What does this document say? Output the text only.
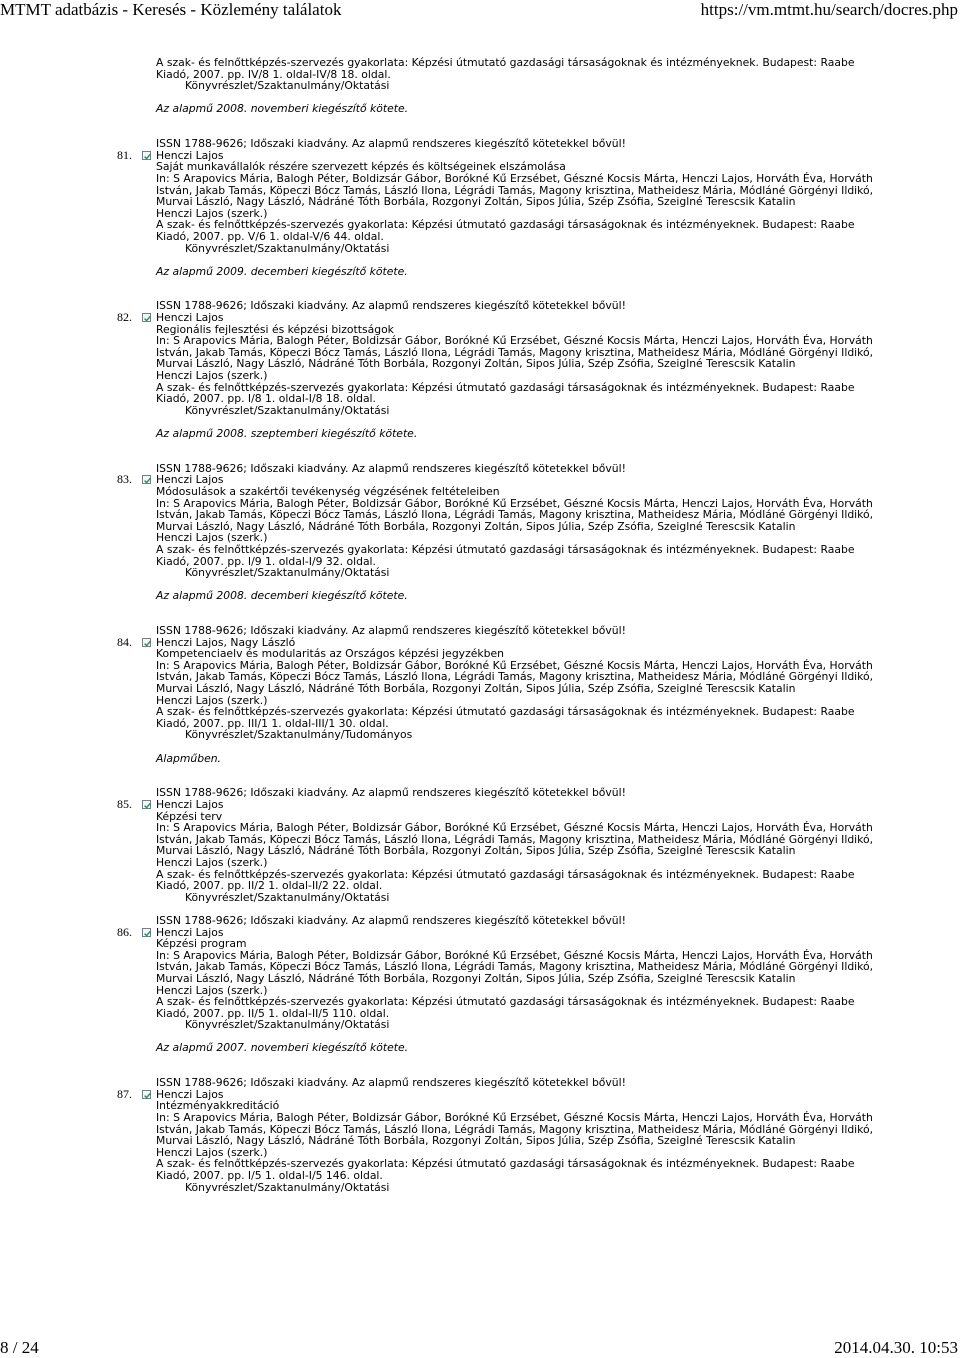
MTMT adatbázis - Keresés - Közlemény találatok	https://vm.mtmt.hu/search/docres.php
A szak- és felnőttképzés-szervezés gyakorlata: Képzési útmutató gazdasági társaságoknak és intézményeknek. Budapest: Raabe
Kiadó, 2007. pp. IV/8 1. oldal-IV/8 18. oldal.
Könyvrészlet/Szaktanulmány/Oktatási
Az alapmű 2008. novemberi kiegészítő kötete.
ISSN 1788-9626; Időszaki kiadvány. Az alapmű rendszeres kiegészítő kötetekkel bővül!
81.	Henczi Lajos
Saját munkavállalók részére szervezett képzés és költségeinek elszámolása
In: S Arapovics Mária, Balogh Péter, Boldizsár Gábor, Borókné Kű Erzsébet, Gészné Kocsis Márta, Henczi Lajos, Horváth Éva, Horváth
István, Jakab Tamás, Köpeczi Bócz Tamás, László Ilona, Légrádi Tamás, Magony krisztina, Matheidesz Mária, Módláné Görgényi Ildikó,
Murvai László, Nagy László, Nádráné Tóth Borbála, Rozgonyi Zoltán, Sipos Júlia, Szép Zsófia, Szeiglné Terescsik Katalin
Henczi Lajos (szerk.)
A szak- és felnőttképzés-szervezés gyakorlata: Képzési útmutató gazdasági társaságoknak és intézményeknek. Budapest: Raabe
Kiadó, 2007. pp. V/6 1. oldal-V/6 44. oldal.
Könyvrészlet/Szaktanulmány/Oktatási
Az alapmű 2009. decemberi kiegészítő kötete.
ISSN 1788-9626; Időszaki kiadvány. Az alapmű rendszeres kiegészítő kötetekkel bővül!
82.	Henczi Lajos
Regionális fejlesztési és képzési bizottságok
In: S Arapovics Mária, Balogh Péter, Boldizsár Gábor, Borókné Kű Erzsébet, Gészné Kocsis Márta, Henczi Lajos, Horváth Éva, Horváth
István, Jakab Tamás, Köpeczi Bócz Tamás, László Ilona, Légrádi Tamás, Magony krisztina, Matheidesz Mária, Módláné Görgényi Ildikó,
Murvai László, Nagy László, Nádráné Tóth Borbála, Rozgonyi Zoltán, Sipos Júlia, Szép Zsófia, Szeiglné Terescsik Katalin
Henczi Lajos (szerk.)
A szak- és felnőttképzés-szervezés gyakorlata: Képzési útmutató gazdasági társaságoknak és intézményeknek. Budapest: Raabe
Kiadó, 2007. pp. I/8 1. oldal-I/8 18. oldal.
Könyvrészlet/Szaktanulmány/Oktatási
Az alapmű 2008. szeptemberi kiegészítő kötete.
ISSN 1788-9626; Időszaki kiadvány. Az alapmű rendszeres kiegészítő kötetekkel bővül!
83.	Henczi Lajos
Módosulások a szakértői tevékenység végzésének feltételeiben
In: S Arapovics Mária, Balogh Péter, Boldizsár Gábor, Borókné Kű Erzsébet, Gészné Kocsis Márta, Henczi Lajos, Horváth Éva, Horváth
István, Jakab Tamás, Köpeczi Bócz Tamás, László Ilona, Légrádi Tamás, Magony krisztina, Matheidesz Mária, Módláné Görgényi Ildikó,
Murvai László, Nagy László, Nádráné Tóth Borbála, Rozgonyi Zoltán, Sipos Júlia, Szép Zsófia, Szeiglné Terescsik Katalin
Henczi Lajos (szerk.)
A szak- és felnőttképzés-szervezés gyakorlata: Képzési útmutató gazdasági társaságoknak és intézményeknek. Budapest: Raabe
Kiadó, 2007. pp. I/9 1. oldal-I/9 32. oldal.
Könyvrészlet/Szaktanulmány/Oktatási
Az alapmű 2008. decemberi kiegészítő kötete.
ISSN 1788-9626; Időszaki kiadvány. Az alapmű rendszeres kiegészítő kötetekkel bővül!
84.	Henczi Lajos, Nagy László
Kompetenciaelv és modularitás az Országos képzési jegyzékben
In: S Arapovics Mária, Balogh Péter, Boldizsár Gábor, Borókné Kű Erzsébet, Gészné Kocsis Márta, Henczi Lajos, Horváth Éva, Horváth
István, Jakab Tamás, Köpeczi Bócz Tamás, László Ilona, Légrádi Tamás, Magony krisztina, Matheidesz Mária, Módláné Görgényi Ildikó,
Murvai László, Nagy László, Nádráné Tóth Borbála, Rozgonyi Zoltán, Sipos Júlia, Szép Zsófia, Szeiglné Terescsik Katalin
Henczi Lajos (szerk.)
A szak- és felnőttképzés-szervezés gyakorlata: Képzési útmutató gazdasági társaságoknak és intézményeknek. Budapest: Raabe
Kiadó, 2007. pp. III/1 1. oldal-III/1 30. oldal.
Könyvrészlet/Szaktanulmány/Tudományos
Alapműben.
ISSN 1788-9626; Időszaki kiadvány. Az alapmű rendszeres kiegészítő kötetekkel bővül!
85.	Henczi Lajos
Képzési terv
In: S Arapovics Mária, Balogh Péter, Boldizsár Gábor, Borókné Kű Erzsébet, Gészné Kocsis Márta, Henczi Lajos, Horváth Éva, Horváth
István, Jakab Tamás, Köpeczi Bócz Tamás, László Ilona, Légrádi Tamás, Magony krisztina, Matheidesz Mária, Módláné Görgényi Ildikó,
Murvai László, Nagy László, Nádráné Tóth Borbála, Rozgonyi Zoltán, Sipos Júlia, Szép Zsófia, Szeiglné Terescsik Katalin
Henczi Lajos (szerk.)
A szak- és felnőttképzés-szervezés gyakorlata: Képzési útmutató gazdasági társaságoknak és intézményeknek. Budapest: Raabe
Kiadó, 2007. pp. II/2 1. oldal-II/2 22. oldal.
Könyvrészlet/Szaktanulmány/Oktatási
ISSN 1788-9626; Időszaki kiadvány. Az alapmű rendszeres kiegészítő kötetekkel bővül!
86.	Henczi Lajos
Képzési program
In: S Arapovics Mária, Balogh Péter, Boldizsár Gábor, Borókné Kű Erzsébet, Gészné Kocsis Márta, Henczi Lajos, Horváth Éva, Horváth
István, Jakab Tamás, Köpeczi Bócz Tamás, László Ilona, Légrádi Tamás, Magony krisztina, Matheidesz Mária, Módláné Görgényi Ildikó,
Murvai László, Nagy László, Nádráné Tóth Borbála, Rozgonyi Zoltán, Sipos Júlia, Szép Zsófia, Szeiglné Terescsik Katalin
Henczi Lajos (szerk.)
A szak- és felnőttképzés-szervezés gyakorlata: Képzési útmutató gazdasági társaságoknak és intézményeknek. Budapest: Raabe
Kiadó, 2007. pp. II/5 1. oldal-II/5 110. oldal.
Könyvrészlet/Szaktanulmány/Oktatási
Az alapmű 2007. novemberi kiegészítő kötete.
ISSN 1788-9626; Időszaki kiadvány. Az alapmű rendszeres kiegészítő kötetekkel bővül!
87.	Henczi Lajos
Intézményakkreditáció
In: S Arapovics Mária, Balogh Péter, Boldizsár Gábor, Borókné Kű Erzsébet, Gészné Kocsis Márta, Henczi Lajos, Horváth Éva, Horváth
István, Jakab Tamás, Köpeczi Bócz Tamás, László Ilona, Légrádi Tamás, Magony krisztina, Matheidesz Mária, Módláné Görgényi Ildikó,
Murvai László, Nagy László, Nádráné Tóth Borbála, Rozgonyi Zoltán, Sipos Júlia, Szép Zsófia, Szeiglné Terescsik Katalin
Henczi Lajos (szerk.)
A szak- és felnőttképzés-szervezés gyakorlata: Képzési útmutató gazdasági társaságoknak és intézményeknek. Budapest: Raabe
Kiadó, 2007. pp. I/5 1. oldal-I/5 146. oldal.
Könyvrészlet/Szaktanulmány/Oktatási
8 / 24	2014.04.30. 10:53
